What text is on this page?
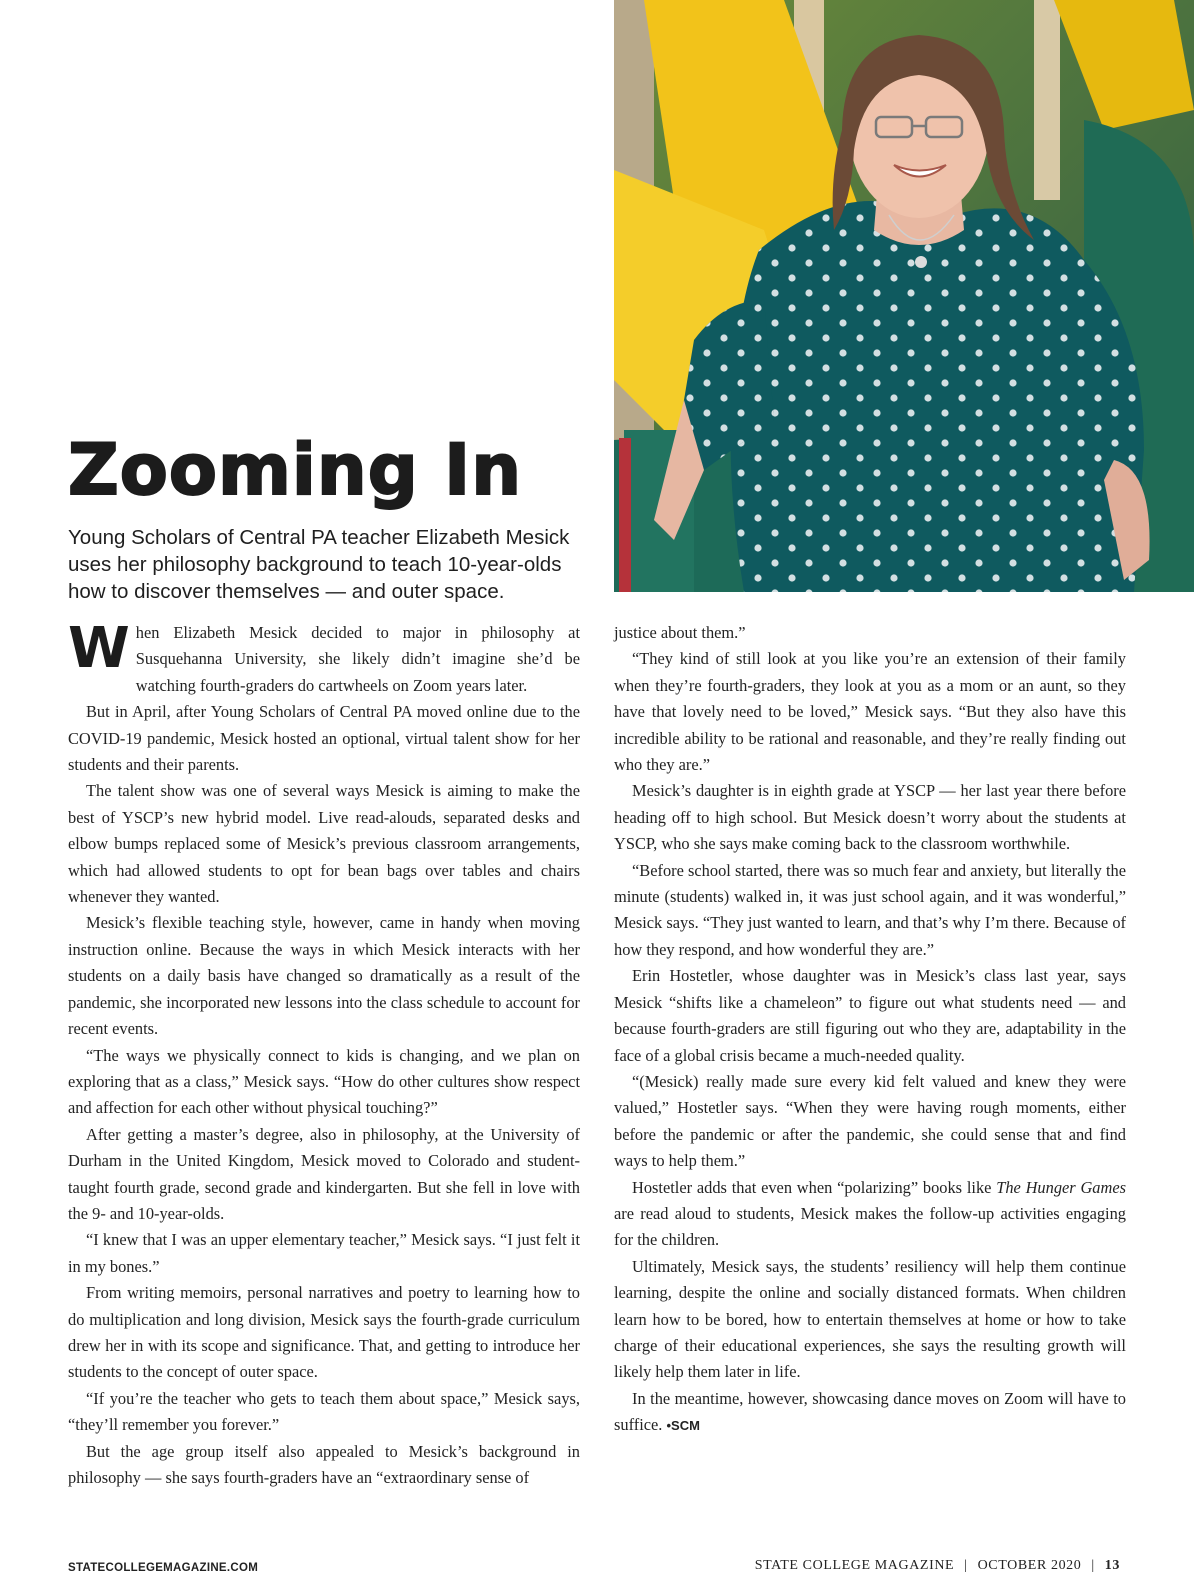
Zooming In

Young Scholars of Central PA teacher Elizabeth Mesick uses her philosophy background to teach 10-year-olds how to discover themselves — and outer space.

When Elizabeth Mesick decided to major in philosophy at Susquehanna University, she likely didn’t imagine she’d be watching fourth-graders do cartwheels on Zoom years later.

But in April, after Young Scholars of Central PA moved online due to the COVID-19 pandemic, Mesick hosted an optional, virtual talent show for her students and their parents.

The talent show was one of several ways Mesick is aiming to make the best of YSCP’s new hybrid model. Live read-alouds, separated desks and elbow bumps replaced some of Mesick’s previous classroom arrangements, which had allowed students to opt for bean bags over tables and chairs whenever they wanted.

Mesick’s flexible teaching style, however, came in handy when moving instruction online. Because the ways in which Mesick interacts with her students on a daily basis have changed so dramatically as a result of the pandemic, she incorporated new lessons into the class schedule to account for recent events.

“The ways we physically connect to kids is changing, and we plan on exploring that as a class,” Mesick says. “How do other cultures show respect and affection for each other without physical touching?”

After getting a master’s degree, also in philosophy, at the University of Durham in the United Kingdom, Mesick moved to Colorado and student-taught fourth grade, second grade and kindergarten. But she fell in love with the 9- and 10-year-olds.

“I knew that I was an upper elementary teacher,” Mesick says. “I just felt it in my bones.”

From writing memoirs, personal narratives and poetry to learning how to do multiplication and long division, Mesick says the fourth-grade curriculum drew her in with its scope and significance. That, and getting to introduce her students to the concept of outer space.

“If you’re the teacher who gets to teach them about space,” Mesick says, “they’ll remember you forever.”

But the age group itself also appealed to Mesick’s background in philosophy — she says fourth-graders have an “extraordinary sense of

justice about them.”

“They kind of still look at you like you’re an extension of their family when they’re fourth-graders, they look at you as a mom or an aunt, so they have that lovely need to be loved,” Mesick says. “But they also have this incredible ability to be rational and reasonable, and they’re really finding out who they are.”

Mesick’s daughter is in eighth grade at YSCP — her last year there before heading off to high school. But Mesick doesn’t worry about the students at YSCP, who she says make coming back to the classroom worthwhile.

“Before school started, there was so much fear and anxiety, but literally the minute (students) walked in, it was just school again, and it was wonderful,” Mesick says. “They just wanted to learn, and that’s why I’m there. Because of how they respond, and how wonderful they are.”

Erin Hostetler, whose daughter was in Mesick’s class last year, says Mesick “shifts like a chameleon” to figure out what students need — and because fourth-graders are still figuring out who they are, adaptability in the face of a global crisis became a much-needed quality.

“(Mesick) really made sure every kid felt valued and knew they were valued,” Hostetler says. “When they were having rough moments, either before the pandemic or after the pandemic, she could sense that and find ways to help them.”

Hostetler adds that even when “polarizing” books like The Hunger Games are read aloud to students, Mesick makes the follow-up activities engaging for the children.

Ultimately, Mesick says, the students’ resiliency will help them continue learning, despite the online and socially distanced formats. When children learn how to be bored, how to entertain themselves at home or how to take charge of their educational experiences, she says the resulting growth will likely help them later in life.

In the meantime, however, showcasing dance moves on Zoom will have to suffice. •SCM

STATECOLLEGEMAGAZINE.COM	STATE COLLEGE MAGAZINE | OCTOBER 2020 | 13
